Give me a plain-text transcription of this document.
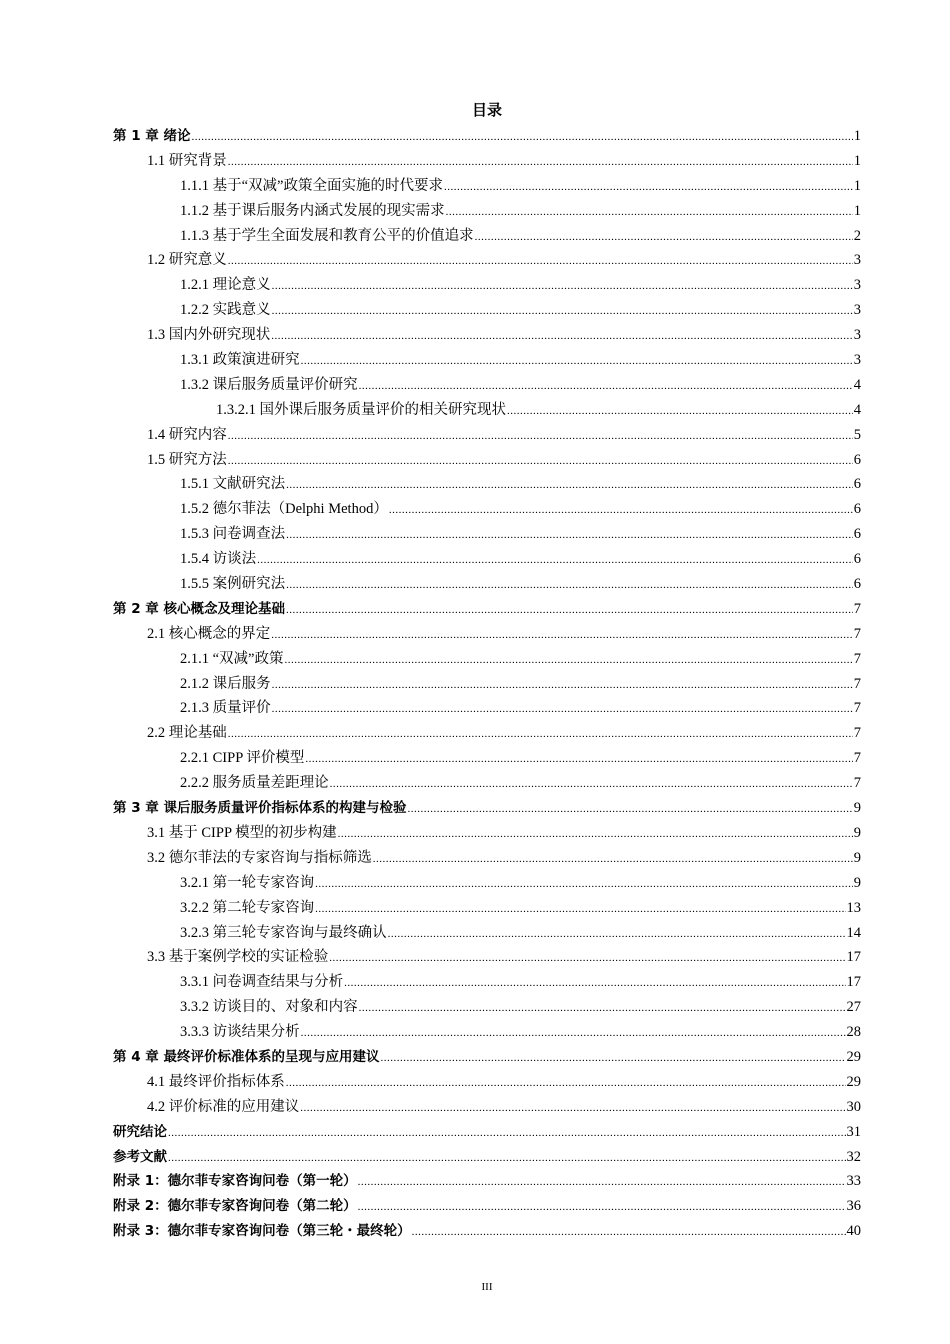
目录
第 1 章 绪论 .....	1
1.1 研究背景 .....	1
1.1.1 基于“双减”政策全面实施的时代要求 .....	1
1.1.2 基于课后服务内涵式发展的现实需求 .....	1
1.1.3 基于学生全面发展和教育公平的价值追求 .....	2
1.2 研究意义 .....	3
1.2.1 理论意义 .....	3
1.2.2 实践意义 .....	3
1.3 国内外研究现状 .....	3
1.3.1 政策演进研究 .....	3
1.3.2 课后服务质量评价研究 .....	4
1.3.2.1 国外课后服务质量评价的相关研究现状 .....	4
1.4 研究内容 .....	5
1.5 研究方法 .....	6
1.5.1 文献研究法 .....	6
1.5.2 德尔菲法（Delphi Method） .....	6
1.5.3 问卷调查法 .....	6
1.5.4 访谈法 .....	6
1.5.5 案例研究法 .....	6
第 2 章 核心概念及理论基础 .....	7
2.1 核心概念的界定 .....	7
2.1.1 “双减”政策 .....	7
2.1.2 课后服务 .....	7
2.1.3 质量评价 .....	7
2.2 理论基础 .....	7
2.2.1 CIPP 评价模型 .....	7
2.2.2 服务质量差距理论 .....	7
第 3 章 课后服务质量评价指标体系的构建与检验 .....	9
3.1 基于 CIPP 模型的初步构建 .....	9
3.2 德尔菲法的专家咨询与指标筛选 .....	9
3.2.1 第一轮专家咨询 .....	9
3.2.2 第二轮专家咨询 .....	13
3.2.3 第三轮专家咨询与最终确认 .....	14
3.3 基于案例学校的实证检验 .....	17
3.3.1 问卷调查结果与分析 .....	17
3.3.2 访谈目的、对象和内容 .....	27
3.3.3 访谈结果分析 .....	28
第 4 章 最终评价标准体系的呈现与应用建议 .....	29
4.1 最终评价指标体系 .....	29
4.2 评价标准的应用建议 .....	30
研究结论 .....	31
参考文献 .....	32
附录 1：德尔菲专家咨询问卷（第一轮） .....	33
附录 2：德尔菲专家咨询问卷（第二轮） .....	36
附录 3：德尔菲专家咨询问卷（第三轮・最终轮） .....	40
III
